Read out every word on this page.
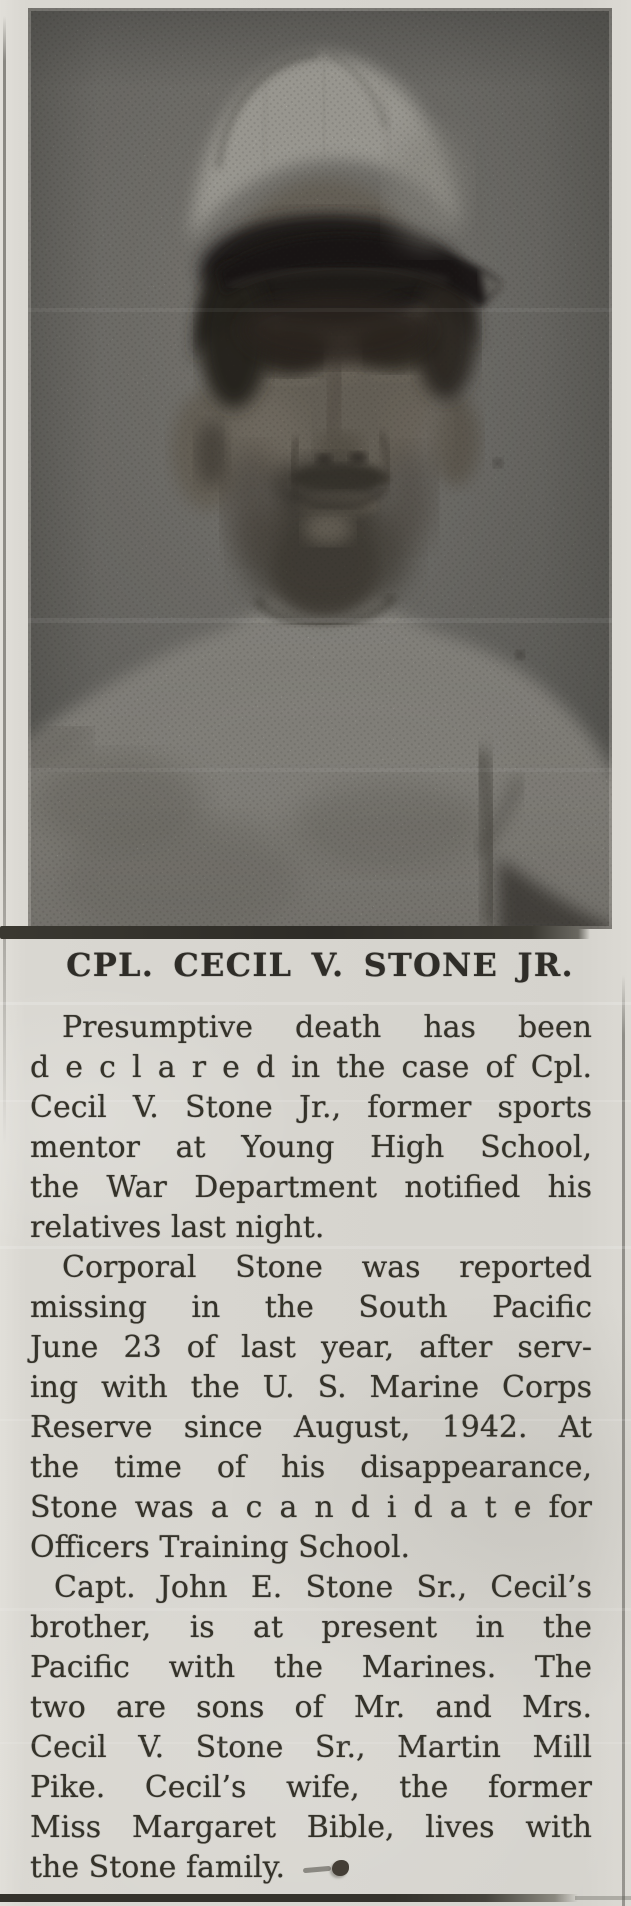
CPL. CECIL V. STONE JR.
Presumptive death has been
d e c l a r e d in the case of Cpl.
Cecil V. Stone Jr., former sports
mentor at Young High School,
the War Department notified his
relatives last night.
Corporal Stone was reported
missing in the South Pacific
June 23 of last year, after serv-
ing with the U. S. Marine Corps
Reserve since August, 1942. At
the time of his disappearance,
Stone was a c a n d i d a t e for
Officers Training School.
Capt. John E. Stone Sr., Cecil’s
brother, is at present in the
Pacific with the Marines. The
two are sons of Mr. and Mrs.
Cecil V. Stone Sr., Martin Mill
Pike. Cecil’s wife, the former
Miss Margaret Bible, lives with
the Stone family.
